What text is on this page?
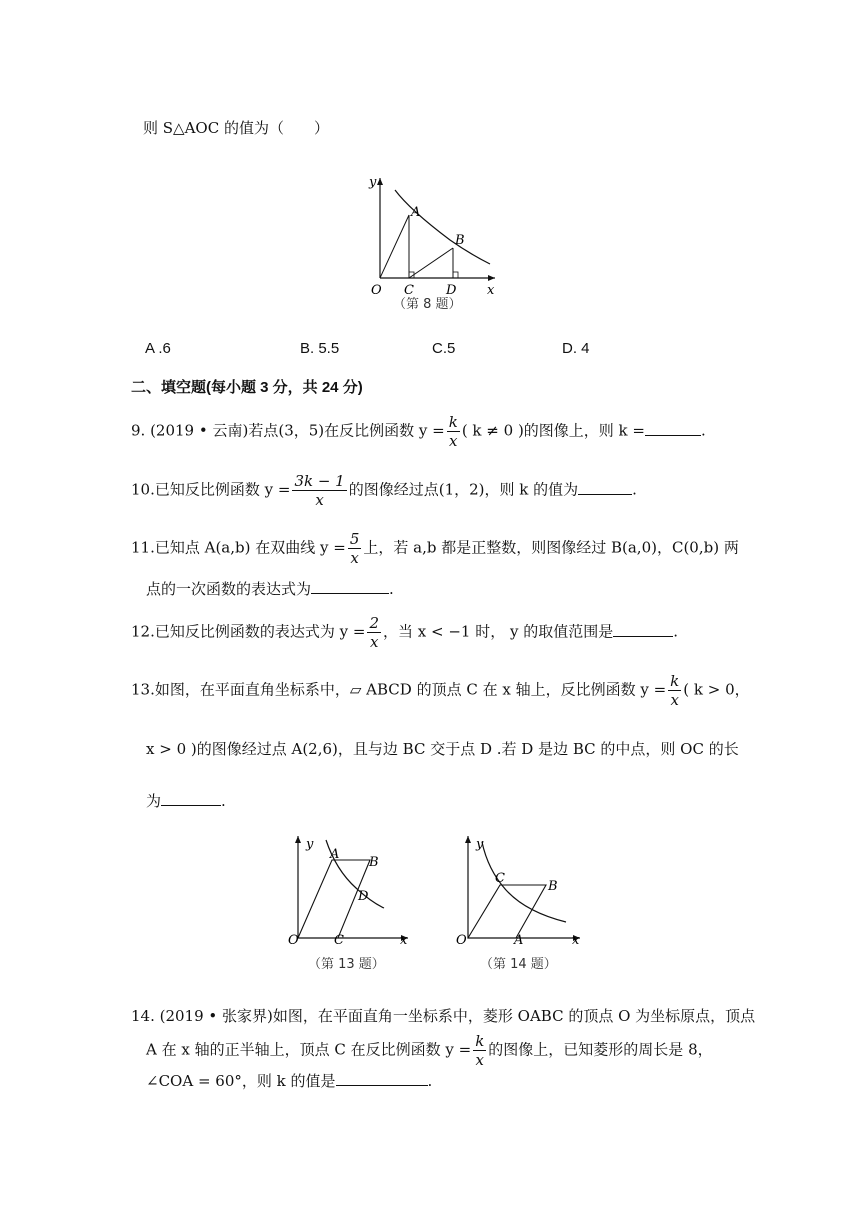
则 S△AOC 的值为（　　）
y
x
O
A
B
C D
（第 8 题）
A .6	B. 5.5	C.5	D. 4
二、填空题(每小题 3 分，共 24 分)
9. (2019 • 云南)若点(3，5)在反比例函数 $y = \frac{k}{x}$ ( k ≠ 0 )的图像上，则 k =	.
10.已知反比例函数 $y = \frac{3k - 1}{x}$ 的图像经过点(1，2)，则 k 的值为	.
11.已知点 A(a,b) 在双曲线 $y = \frac{5}{x}$ 上，若 a,b 都是正整数，则图像经过 B(a,0)，C(0,b) 两
点的一次函数的表达式为	.
12.已知反比例函数的表达式为 $y = \frac{2}{x}$ ，当 x < −1 时， y 的取值范围是	.
13.如图，在平面直角坐标系中，▱ ABCD 的顶点 C 在 x 轴上，反比例函数 $y = \frac{k}{x}$ ( k > 0，
x > 0 )的图像经过点 A(2,6)，且与边 BC 交于点 D .若 D 是边 BC 的中点，则 OC 的长
为	.
y
x
O
A
B
C
D
（第 13 题）
y
x
O
C
B
A
（第 14 题）
14. (2019 • 张家界)如图，在平面直角一坐标系中，菱形 OABC 的顶点 O 为坐标原点，顶点
A 在 x 轴的正半轴上，顶点 C 在反比例函数 $y = \frac{k}{x}$ 的图像上，已知菱形的周长是 8，
∠COA = 60°，则 k 的值是	.
